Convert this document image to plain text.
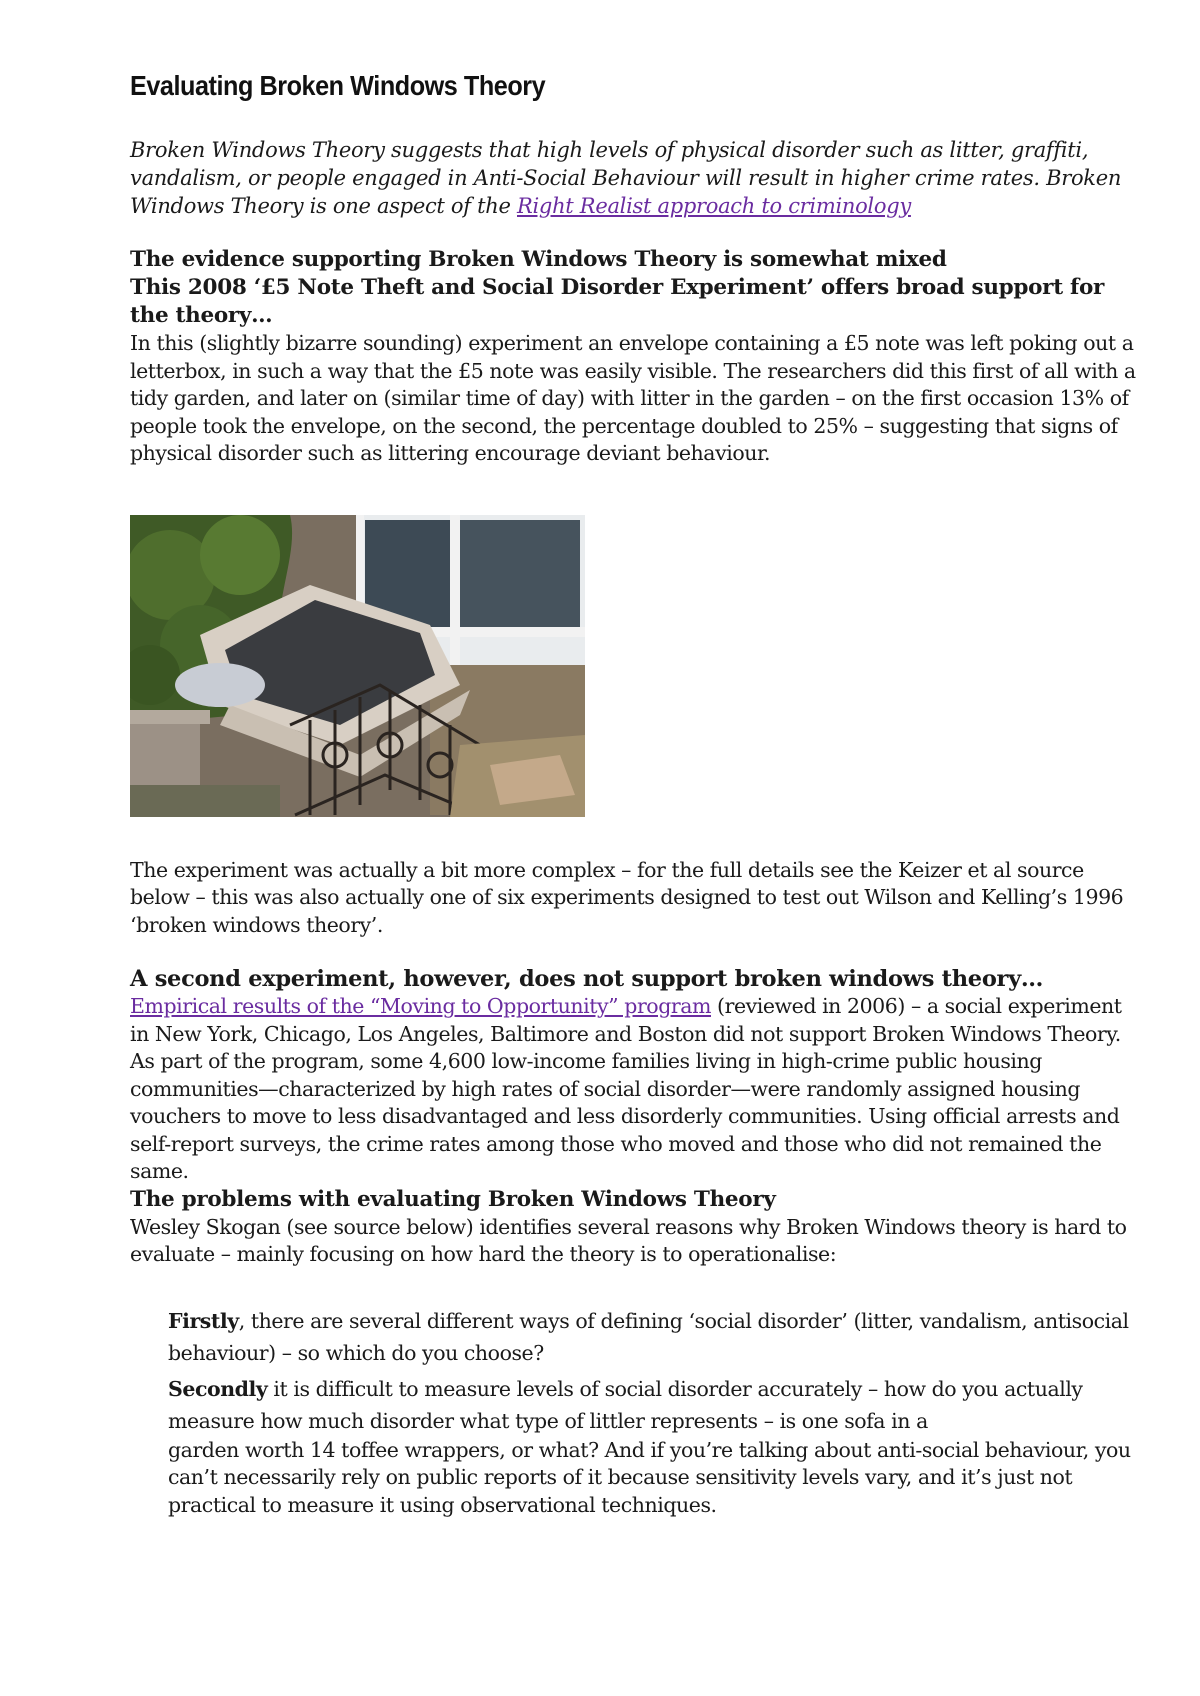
Evaluating Broken Windows Theory

Broken Windows Theory suggests that high levels of physical disorder such as litter, graffiti, vandalism, or people engaged in Anti-Social Behaviour will result in higher crime rates. Broken Windows Theory is one aspect of the Right Realist approach to criminology

The evidence supporting Broken Windows Theory is somewhat mixed

This 2008 ‘£5 Note Theft and Social Disorder Experiment’ offers broad support for the theory…

In this (slightly bizarre sounding) experiment an envelope containing a £5 note was left poking out a letterbox, in such a way that the £5 note was easily visible. The researchers did this first of all with a tidy garden, and later on (similar time of day) with litter in the garden – on the first occasion 13% of people took the envelope, on the second, the percentage doubled to 25% – suggesting that signs of physical disorder such as littering encourage deviant behaviour.

The experiment was actually a bit more complex – for the full details see the Keizer et al source below – this was also actually one of six experiments designed to test out Wilson and Kelling’s 1996 ‘broken windows theory’.

A second experiment, however, does not support broken windows theory…

Empirical results of the “Moving to Opportunity” program (reviewed in 2006) – a social experiment in New York, Chicago, Los Angeles, Baltimore and Boston did not support Broken Windows Theory. As part of the program, some 4,600 low-income families living in high-crime public housing communities—characterized by high rates of social disorder—were randomly assigned housing vouchers to move to less disadvantaged and less disorderly communities. Using official arrests and self-report surveys, the crime rates among those who moved and those who did not remained the same.

The problems with evaluating Broken Windows Theory

Wesley Skogan (see source below) identifies several reasons why Broken Windows theory is hard to evaluate – mainly focusing on how hard the theory is to operationalise:

Firstly, there are several different ways of defining ‘social disorder’ (litter, vandalism, antisocial behaviour) – so which do you choose?

Secondly it is difficult to measure levels of social disorder accurately – how do you actually measure how much disorder what type of littler represents – is one sofa in a
garden worth 14 toffee wrappers, or what? And if you’re talking about anti-social behaviour, you can’t necessarily rely on public reports of it because sensitivity levels vary, and it’s just not practical to measure it using observational techniques.
